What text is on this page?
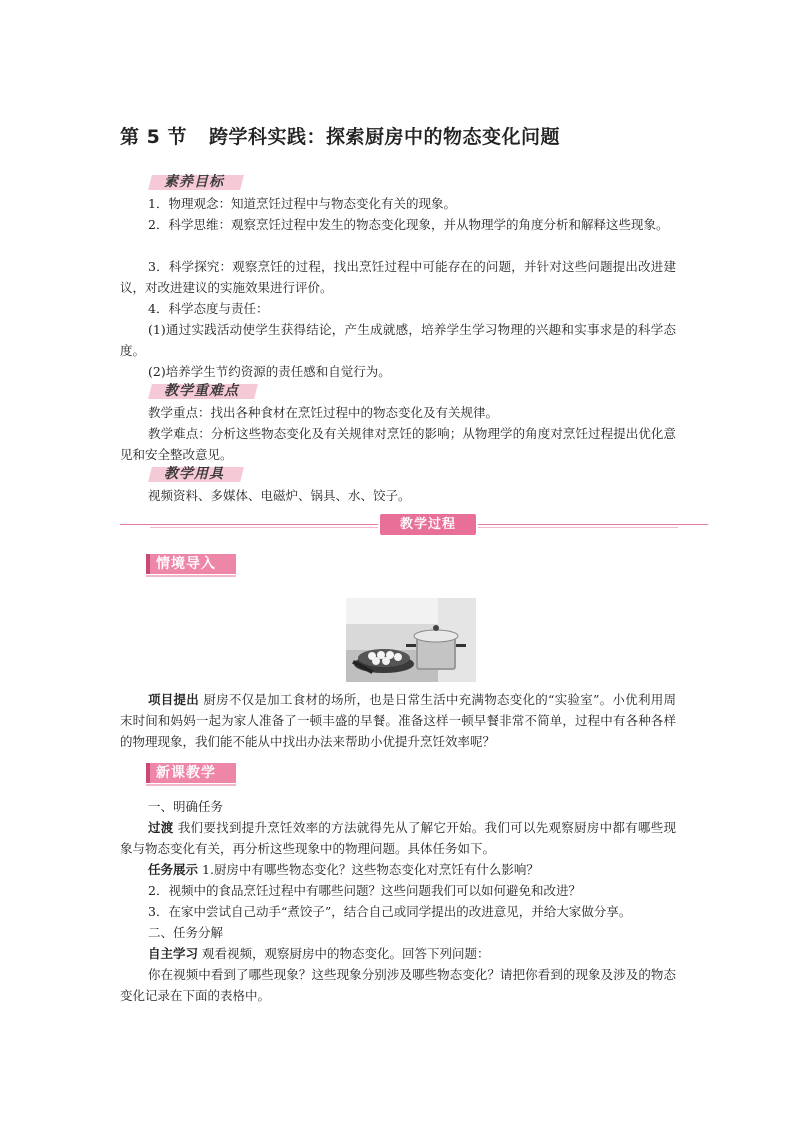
第 5 节 跨学科实践：探索厨房中的物态变化问题
素养目标

1．物理观念：知道烹饪过程中与物态变化有关的现象。

2．科学思维：观察烹饪过程中发生的物态变化现象，并从物理学的角度分析和解释这些现象。

3．科学探究：观察烹饪的过程，找出烹饪过程中可能存在的问题，并针对这些问题提出改进建议，对改进建议的实施效果进行评价。

4．科学态度与责任：

(1)通过实践活动使学生获得结论，产生成就感，培养学生学习物理的兴趣和实事求是的科学态度。

(2)培养学生节约资源的责任感和自觉行为。

教学重难点

教学重点：找出各种食材在烹饪过程中的物态变化及有关规律。

教学难点：分析这些物态变化及有关规律对烹饪的影响；从物理学的角度对烹饪过程提出优化意见和安全整改意见。

教学用具

视频资料、多媒体、电磁炉、锅具、水、饺子。

教学过程
情境导入

项目提出 厨房不仅是加工食材的场所，也是日常生活中充满物态变化的“实验室”。小优利用周末时间和妈妈一起为家人准备了一顿丰盛的早餐。准备这样一顿早餐非常不简单，过程中有各种各样的物理现象，我们能不能从中找出办法来帮助小优提升烹饪效率呢？

新课教学

一、明确任务

过渡 我们要找到提升烹饪效率的方法就得先从了解它开始。我们可以先观察厨房中都有哪些现象与物态变化有关，再分析这些现象中的物理问题。具体任务如下。

任务展示 1.厨房中有哪些物态变化？这些物态变化对烹饪有什么影响？

2．视频中的食品烹饪过程中有哪些问题？这些问题我们可以如何避免和改进？

3．在家中尝试自己动手“煮饺子”，结合自己或同学提出的改进意见，并给大家做分享。

二、任务分解

自主学习 观看视频，观察厨房中的物态变化。回答下列问题：

你在视频中看到了哪些现象？这些现象分别涉及哪些物态变化？请把你看到的现象及涉及的物态变化记录在下面的表格中。
